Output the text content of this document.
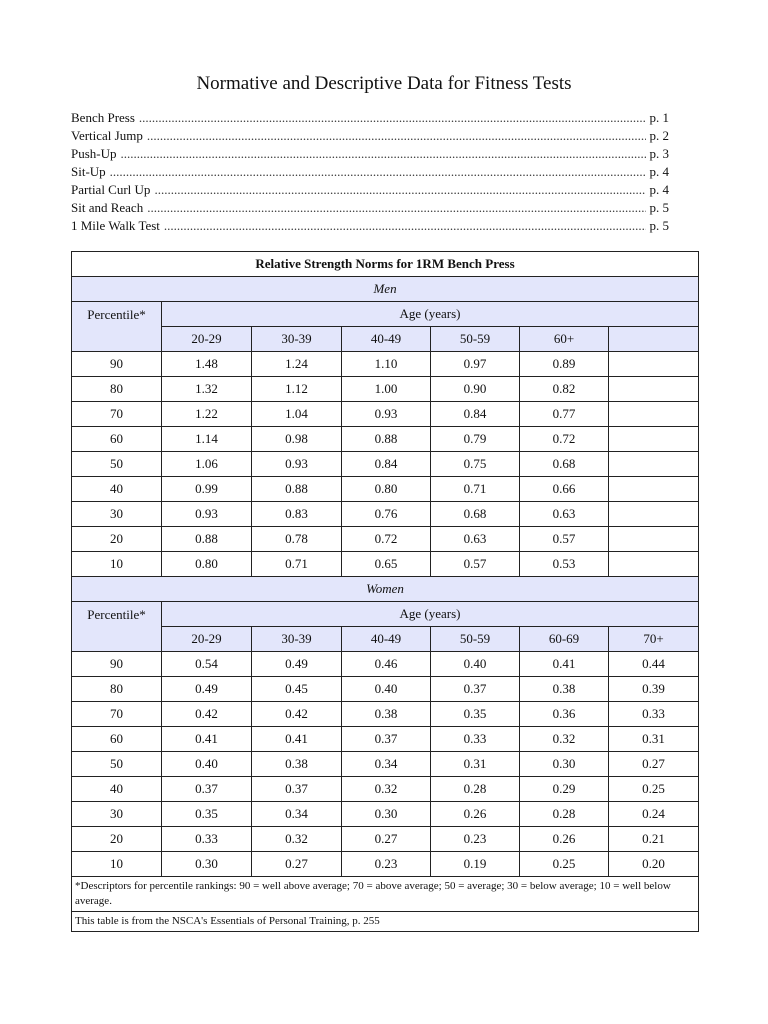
Normative and Descriptive Data for Fitness Tests
Bench Press .....	p. 1
Vertical Jump .....	p. 2
Push-Up .....	p. 3
Sit-Up .....	p. 4
Partial Curl Up .....	p. 4
Sit and Reach .....	p. 5
1 Mile Walk Test .....	p. 5
Relative Strength Norms for 1RM Bench Press						
Men						
Percentile*	Age (years)					
	20-29	30-39	40-49	50-59	60+	
90	1.48	1.24	1.10	0.97	0.89	
80	1.32	1.12	1.00	0.90	0.82	
70	1.22	1.04	0.93	0.84	0.77	
60	1.14	0.98	0.88	0.79	0.72	
50	1.06	0.93	0.84	0.75	0.68	
40	0.99	0.88	0.80	0.71	0.66	
30	0.93	0.83	0.76	0.68	0.63	
20	0.88	0.78	0.72	0.63	0.57	
10	0.80	0.71	0.65	0.57	0.53	
Women						
Percentile*	Age (years)					
	20-29	30-39	40-49	50-59	60-69	70+
90	0.54	0.49	0.46	0.40	0.41	0.44
80	0.49	0.45	0.40	0.37	0.38	0.39
70	0.42	0.42	0.38	0.35	0.36	0.33
60	0.41	0.41	0.37	0.33	0.32	0.31
50	0.40	0.38	0.34	0.31	0.30	0.27
40	0.37	0.37	0.32	0.28	0.29	0.25
30	0.35	0.34	0.30	0.26	0.28	0.24
20	0.33	0.32	0.27	0.23	0.26	0.21
10	0.30	0.27	0.23	0.19	0.25	0.20
*Descriptors for percentile rankings: 90 = well above average; 70 = above average; 50 = average; 30 = below average; 10 = well below average.						
This table is from the NSCA's Essentials of Personal Training, p. 255						
